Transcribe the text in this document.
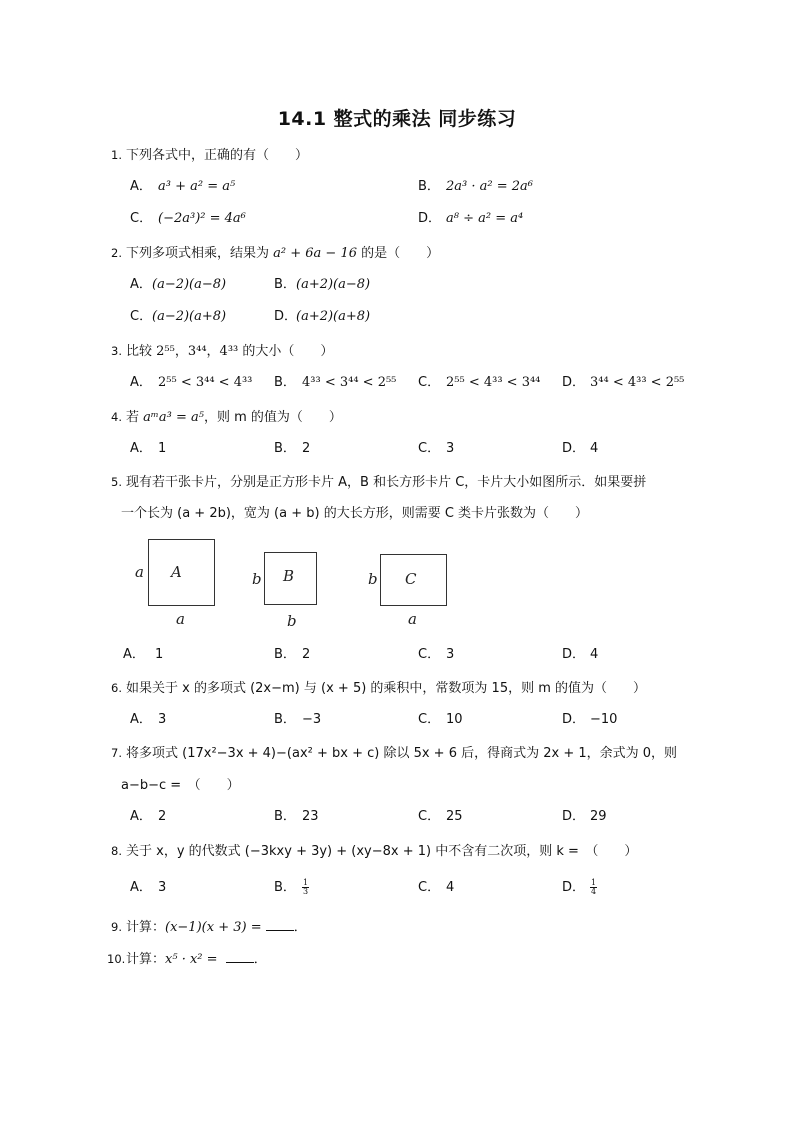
14.1 整式的乘法 同步练习
1. 下列各式中，正确的有（　　）
A． a³ + a² = a⁵	B． 2a³ · a² = 2a⁶
C． (−2a³)² = 4a⁶	D． a⁸ ÷ a² = a⁴
2. 下列多项式相乘，结果为 a² + 6a − 16 的是（　　）
A．(a−2)(a−8)	B．(a+2)(a−8)
C．(a−2)(a+8)	D．(a+2)(a+8)
3. 比较 2⁵⁵，3⁴⁴，4³³ 的大小（　　）
A． 2⁵⁵ < 3⁴⁴ < 4³³ B． 4³³ < 3⁴⁴ < 2⁵⁵ C． 2⁵⁵ < 4³³ < 3⁴⁴ D． 3⁴⁴ < 4³³ < 2⁵⁵
4. 若 aᵐa³ = a⁵，则 m 的值为（　　）
A． 1	B． 2	C． 3	D． 4
5. 现有若干张卡片，分别是正方形卡片 A，B 和长方形卡片 C，卡片大小如图所示．如果要拼
一个长为 (a + 2b)，宽为 (a + b) 的大长方形，则需要 C 类卡片张数为（　　）
A
a
a
B
b
b
C
b
a
A． 1	B． 2	C． 3	D． 4
6. 如果关于 x 的多项式 (2x−m) 与 (x + 5) 的乘积中，常数项为 15，则 m 的值为（　　）
A． 3	B． −3	C． 10	D． −10
7. 将多项式 (17x²−3x + 4)−(ax² + bx + c) 除以 5x + 6 后，得商式为 2x + 1，余式为 0，则
a−b−c =　（　　）
A． 2	B． 23	C． 25	D． 29
8. 关于 x，y 的代数式 (−3kxy + 3y) + (xy−8x + 1) 中不含有二次项，则 k =　（　　）
A． 3	B． $\frac{1}{3}$	C． 4	D． $\frac{1}{4}$
9. 计算：(x−1)(x + 3) = ．
10.计算：x⁵ · x² =	．
